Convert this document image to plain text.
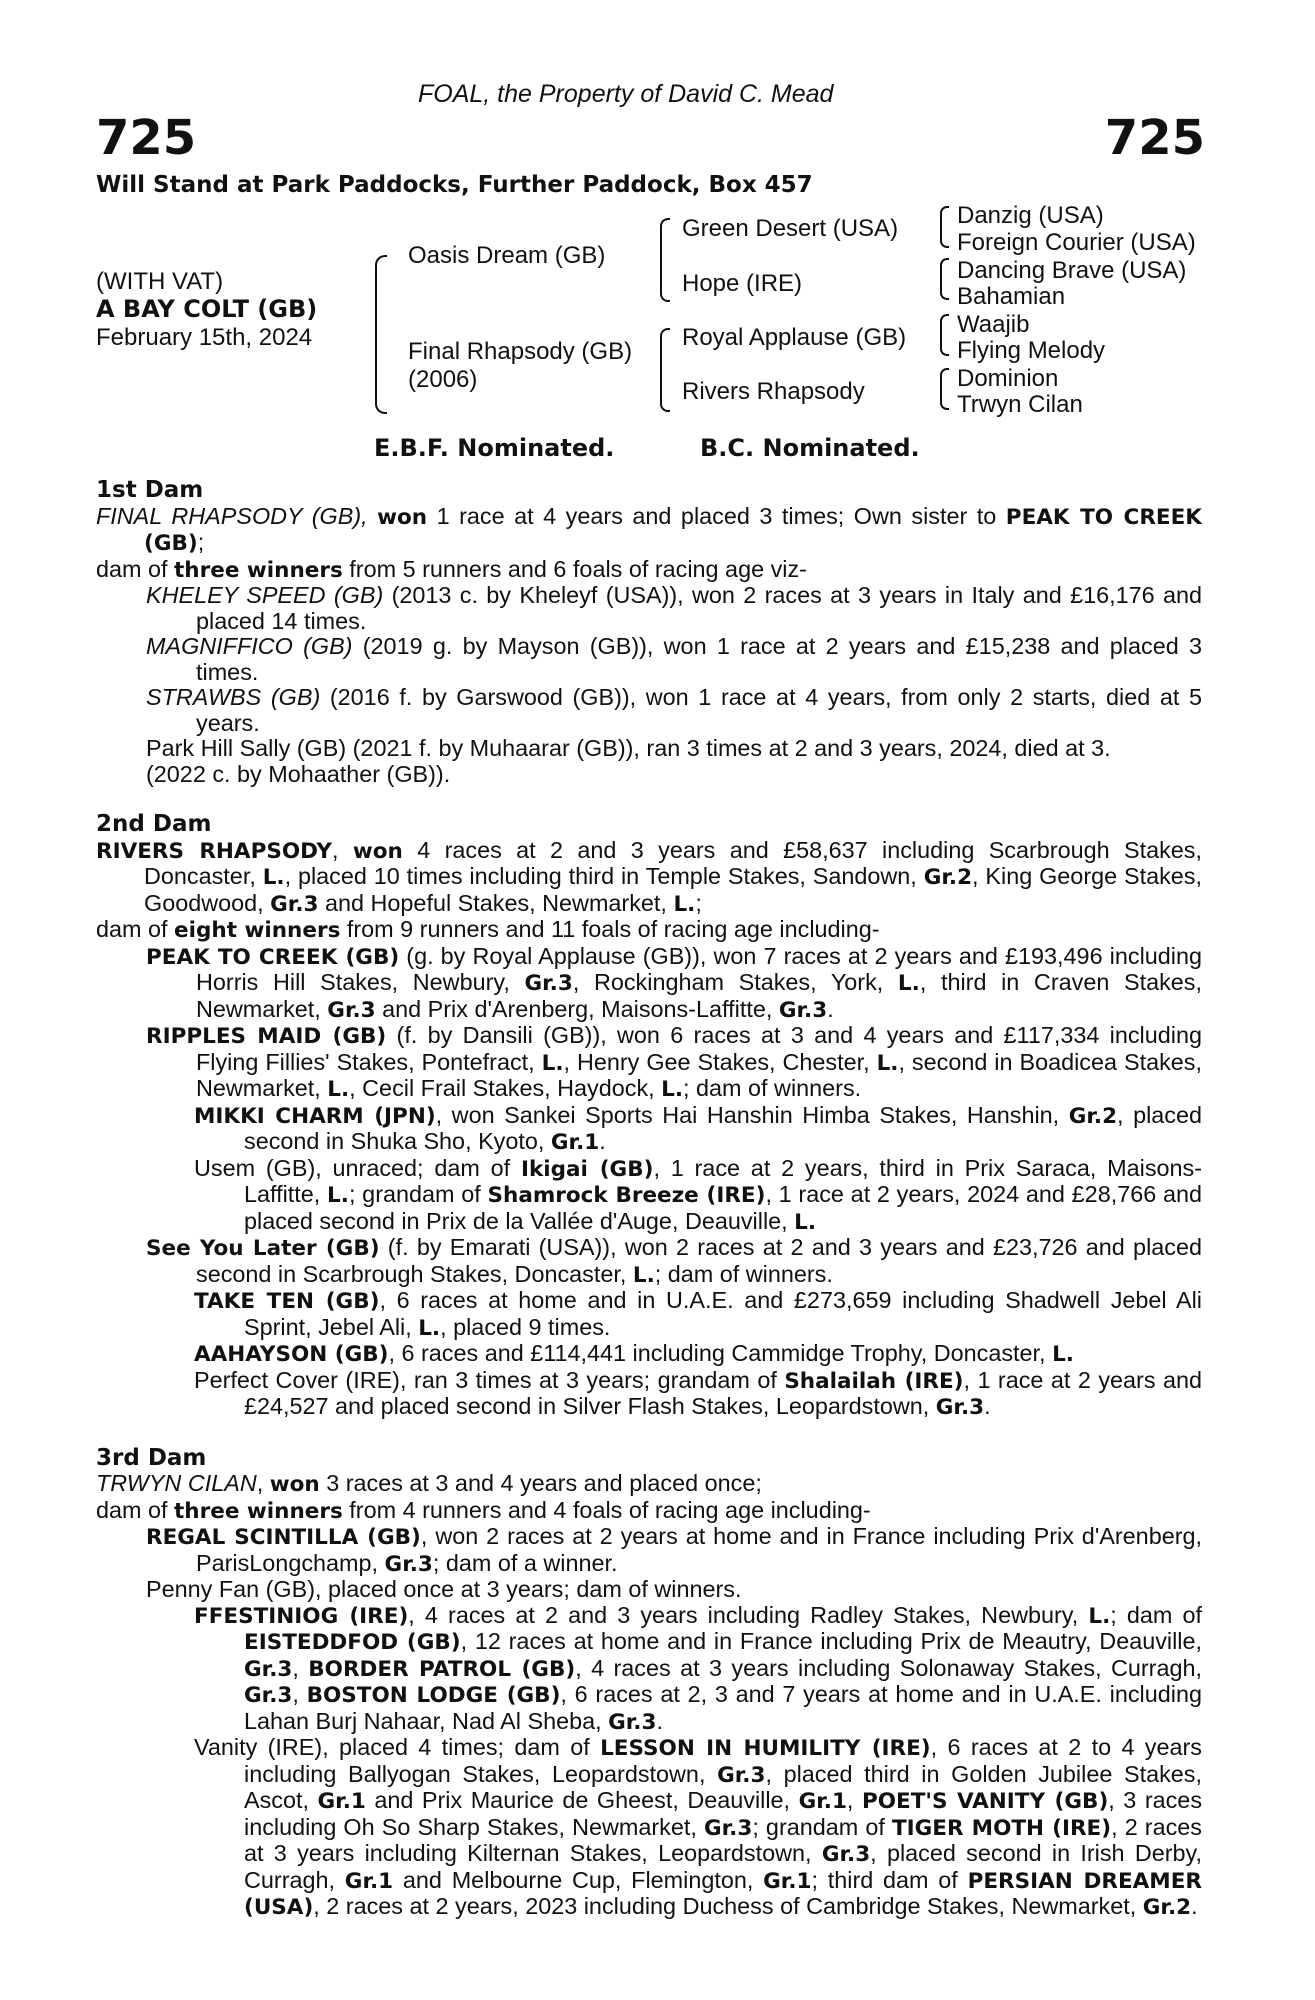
725	725
FOAL, the Property of David C. Mead
Will Stand at Park Paddocks, Further Paddock, Box 457
(WITH VAT)
A BAY COLT (GB)
February 15th, 2024
Oasis Dream (GB)
Final Rhapsody (GB)
(2006)
Green Desert (USA)
Hope (IRE)
Royal Applause (GB)
Rivers Rhapsody
Danzig (USA)
Foreign Courier (USA)
Dancing Brave (USA)
Bahamian
Waajib
Flying Melody
Dominion
Trwyn Cilan
E.B.F. Nominated.	B.C. Nominated.
1st Dam
FINAL RHAPSODY (GB), won 1 race at 4 years and placed 3 times; Own sister to PEAK TO CREEK (GB);
dam of three winners from 5 runners and 6 foals of racing age viz-
KHELEY SPEED (GB) (2013 c. by Kheleyf (USA)), won 2 races at 3 years in Italy and £16,176 and placed 14 times.
MAGNIFFICO (GB) (2019 g. by Mayson (GB)), won 1 race at 2 years and £15,238 and placed 3 times.
STRAWBS (GB) (2016 f. by Garswood (GB)), won 1 race at 4 years, from only 2 starts, died at 5 years.
Park Hill Sally (GB) (2021 f. by Muhaarar (GB)), ran 3 times at 2 and 3 years, 2024, died at 3.
(2022 c. by Mohaather (GB)).
2nd Dam
RIVERS RHAPSODY, won 4 races at 2 and 3 years and £58,637 including Scarbrough Stakes, Doncaster, L., placed 10 times including third in Temple Stakes, Sandown, Gr.2, King George Stakes, Goodwood, Gr.3 and Hopeful Stakes, Newmarket, L.;
dam of eight winners from 9 runners and 11 foals of racing age including-
PEAK TO CREEK (GB) (g. by Royal Applause (GB)), won 7 races at 2 years and £193,496 including Horris Hill Stakes, Newbury, Gr.3, Rockingham Stakes, York, L., third in Craven Stakes, Newmarket, Gr.3 and Prix d'Arenberg, Maisons-Laffitte, Gr.3.
RIPPLES MAID (GB) (f. by Dansili (GB)), won 6 races at 3 and 4 years and £117,334 including Flying Fillies' Stakes, Pontefract, L., Henry Gee Stakes, Chester, L., second in Boadicea Stakes, Newmarket, L., Cecil Frail Stakes, Haydock, L.; dam of winners.
MIKKI CHARM (JPN), won Sankei Sports Hai Hanshin Himba Stakes, Hanshin, Gr.2, placed second in Shuka Sho, Kyoto, Gr.1.
Usem (GB), unraced; dam of Ikigai (GB), 1 race at 2 years, third in Prix Saraca, Maisons-Laffitte, L.; grandam of Shamrock Breeze (IRE), 1 race at 2 years, 2024 and £28,766 and placed second in Prix de la Vallée d'Auge, Deauville, L.
See You Later (GB) (f. by Emarati (USA)), won 2 races at 2 and 3 years and £23,726 and placed second in Scarbrough Stakes, Doncaster, L.; dam of winners.
TAKE TEN (GB), 6 races at home and in U.A.E. and £273,659 including Shadwell Jebel Ali Sprint, Jebel Ali, L., placed 9 times.
AAHAYSON (GB), 6 races and £114,441 including Cammidge Trophy, Doncaster, L.
Perfect Cover (IRE), ran 3 times at 3 years; grandam of Shalailah (IRE), 1 race at 2 years and £24,527 and placed second in Silver Flash Stakes, Leopardstown, Gr.3.
3rd Dam
TRWYN CILAN, won 3 races at 3 and 4 years and placed once;
dam of three winners from 4 runners and 4 foals of racing age including-
REGAL SCINTILLA (GB), won 2 races at 2 years at home and in France including Prix d'Arenberg, ParisLongchamp, Gr.3; dam of a winner.
Penny Fan (GB), placed once at 3 years; dam of winners.
FFESTINIOG (IRE), 4 races at 2 and 3 years including Radley Stakes, Newbury, L.; dam of EISTEDDFOD (GB), 12 races at home and in France including Prix de Meautry, Deauville, Gr.3, BORDER PATROL (GB), 4 races at 3 years including Solonaway Stakes, Curragh, Gr.3, BOSTON LODGE (GB), 6 races at 2, 3 and 7 years at home and in U.A.E. including Lahan Burj Nahaar, Nad Al Sheba, Gr.3.
Vanity (IRE), placed 4 times; dam of LESSON IN HUMILITY (IRE), 6 races at 2 to 4 years including Ballyogan Stakes, Leopardstown, Gr.3, placed third in Golden Jubilee Stakes, Ascot, Gr.1 and Prix Maurice de Gheest, Deauville, Gr.1, POET'S VANITY (GB), 3 races including Oh So Sharp Stakes, Newmarket, Gr.3; grandam of TIGER MOTH (IRE), 2 races at 3 years including Kilternan Stakes, Leopardstown, Gr.3, placed second in Irish Derby, Curragh, Gr.1 and Melbourne Cup, Flemington, Gr.1; third dam of PERSIAN DREAMER (USA), 2 races at 2 years, 2023 including Duchess of Cambridge Stakes, Newmarket, Gr.2.
